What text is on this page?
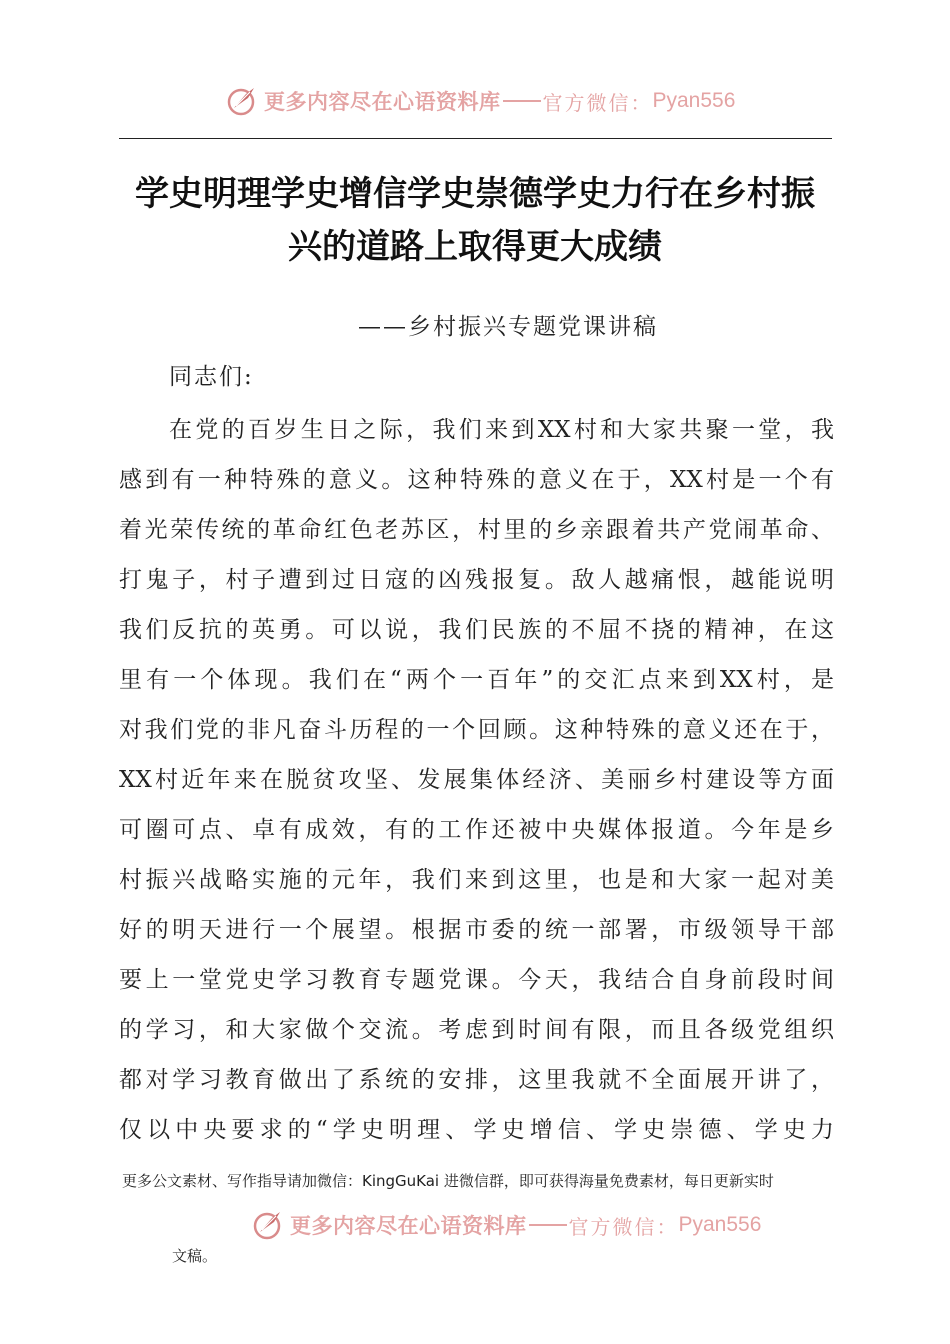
更多内容尽在心语资料库 官方微信： Pyan556
学史明理学史增信学史崇德学史力行在乡村振
兴的道路上取得更大成绩
——乡村振兴专题党课讲稿
同志们:
在党的百岁生日之际，我们来到XX村和大家共聚一堂，我
感到有一种特殊的意义。这种特殊的意义在于，XX村是一个有
着光荣传统的革命红色老苏区，村里的乡亲跟着共产党闹革命、
打鬼子，村子遭到过日寇的凶残报复。敌人越痛恨，越能说明
我们反抗的英勇。可以说，我们民族的不屈不挠的精神，在这
里有一个体现。我们在“两个一百年”的交汇点来到XX村，是
对我们党的非凡奋斗历程的一个回顾。这种特殊的意义还在于，
XX村近年来在脱贫攻坚、发展集体经济、美丽乡村建设等方面
可圈可点、卓有成效，有的工作还被中央媒体报道。今年是乡
村振兴战略实施的元年，我们来到这里，也是和大家一起对美
好的明天进行一个展望。根据市委的统一部署，市级领导干部
要上一堂党史学习教育专题党课。今天，我结合自身前段时间
的学习，和大家做个交流。考虑到时间有限，而且各级党组织
都对学习教育做出了系统的安排，这里我就不全面展开讲了，
仅以中央要求的“学史明理、学史增信、学史崇德、学史力
更多公文素材、写作指导请加微信：KingGuKai 进微信群，即可获得海量免费素材，每日更新实时
更多内容尽在心语资料库 官方微信： Pyan556
文稿。
